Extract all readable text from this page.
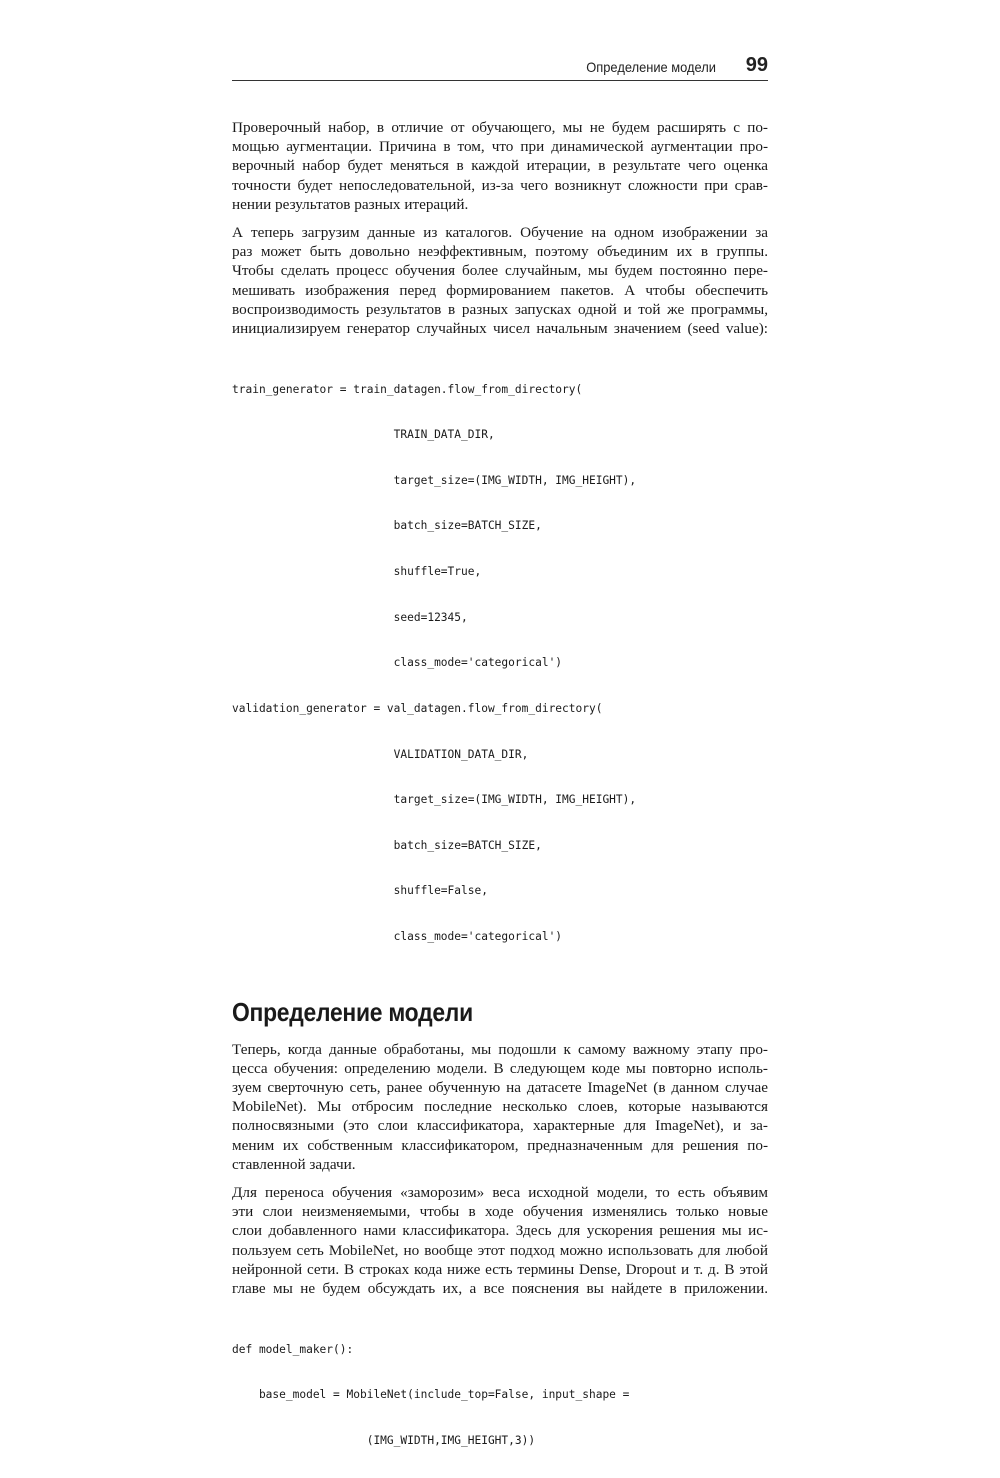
Определение модели 99
Проверочный набор, в отличие от обучающего, мы не будем расширять с по-
мощью аугментации. Причина в том, что при динамической аугментации про-
верочный набор будет меняться в каждой итерации, в результате чего оценка
точности будет непоследовательной, из-за чего возникнут сложности при срав-
нении результатов разных итераций.
А теперь загрузим данные из каталогов. Обучение на одном изображении за
раз может быть довольно неэффективным, поэтому объединим их в группы.
Чтобы сделать процесс обучения более случайным, мы будем постоянно пере-
мешивать изображения перед формированием пакетов. А чтобы обеспечить
воспроизводимость результатов в разных запусках одной и той же программы,
инициализируем генератор случайных чисел начальным значением (seed value):

train_generator = train_datagen.flow_from_directory(

TRAIN_DATA_DIR,

target_size=(IMG_WIDTH, IMG_HEIGHT),

batch_size=BATCH_SIZE,

shuffle=True,

seed=12345,

class_mode='categorical')

validation_generator = val_datagen.flow_from_directory(

VALIDATION_DATA_DIR,

target_size=(IMG_WIDTH, IMG_HEIGHT),

batch_size=BATCH_SIZE,

shuffle=False,

class_mode='categorical')

Определение модели
Теперь, когда данные обработаны, мы подошли к самому важному этапу про-
цесса обучения: определению модели. В следующем коде мы повторно исполь-
зуем сверточную сеть, ранее обученную на датасете ImageNet (в данном случае
MobileNet). Мы отбросим последние несколько слоев, которые называются
полносвязными (это слои классификатора, характерные для ImageNet), и за-
меним их собственным классификатором, предназначенным для решения по-
ставленной задачи.
Для переноса обучения «заморозим» веса исходной модели, то есть объявим
эти слои неизменяемыми, чтобы в ходе обучения изменялись только новые
слои добавленного нами классификатора. Здесь для ускорения решения мы ис-
пользуем сеть MobileNet, но вообще этот подход можно использовать для любой
нейронной сети. В строках кода ниже есть термины Dense, Dropout и т. д. В этой
главе мы не будем обсуждать их, а все пояснения вы найдете в приложении.

def model_maker():

base_model = MobileNet(include_top=False, input_shape =

(IMG_WIDTH,IMG_HEIGHT,3))
